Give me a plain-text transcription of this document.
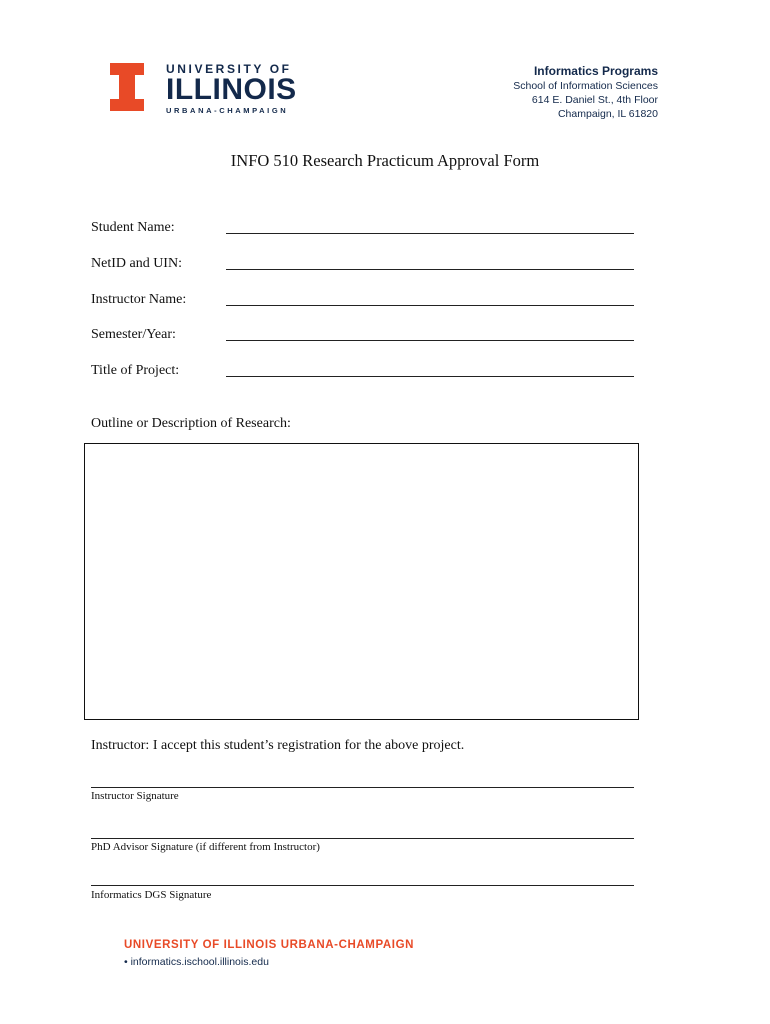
UNIVERSITY OF
ILLINOIS
URBANA-CHAMPAIGN
Informatics Programs
School of Information Sciences
614 E. Daniel St., 4th Floor
Champaign, IL 61820
INFO 510 Research Practicum Approval Form
Student Name:
NetID and UIN:
Instructor Name:
Semester/Year:
Title of Project:
Outline or Description of Research:
Instructor: I accept this student’s registration for the above project.
Instructor Signature
PhD Advisor Signature (if different from Instructor)
Informatics DGS Signature
UNIVERSITY OF ILLINOIS URBANA-CHAMPAIGN
• informatics.ischool.illinois.edu
